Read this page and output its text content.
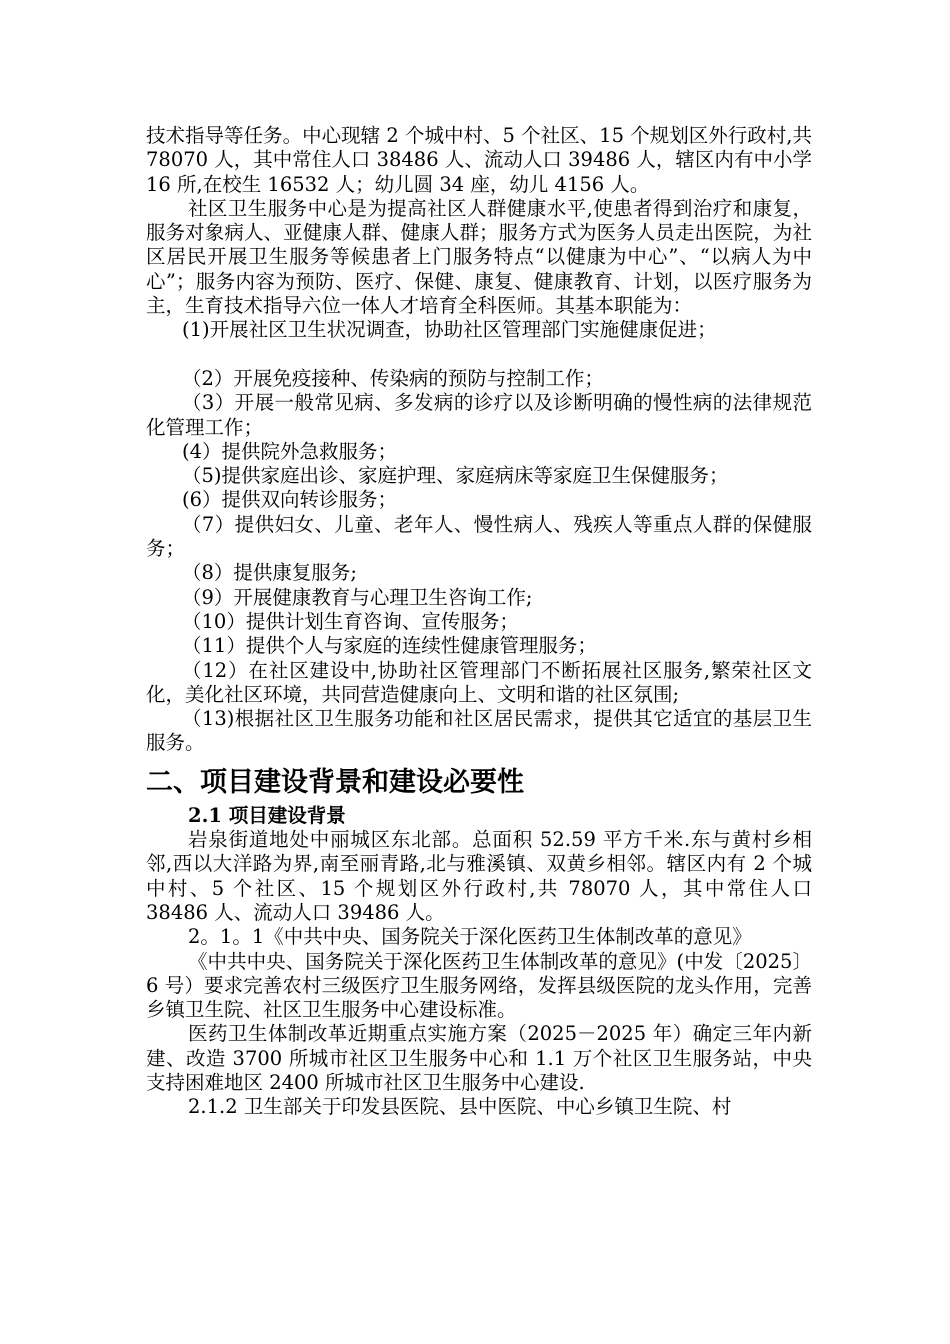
技术指导等任务。中心现辖 2 个城中村、5 个社区、15 个规划区外行政村,共 78070 人，其中常住人口 38486 人、流动人口 39486 人，辖区内有中小学 16 所,在校生 16532 人；幼儿圆 34 座，幼儿 4156 人。

社区卫生服务中心是为提高社区人群健康水平,使患者得到治疗和康复，服务对象病人、亚健康人群、健康人群；服务方式为医务人员走出医院，为社区居民开展卫生服务等候患者上门服务特点“以健康为中心”、“以病人为中心”；服务内容为预防、医疗、保健、康复、健康教育、计划，以医疗服务为主，生育技术指导六位一体人才培育全科医师。其基本职能为：

(1)开展社区卫生状况调查，协助社区管理部门实施健康促进；

（2）开展免疫接种、传染病的预防与控制工作；

（3）开展一般常见病、多发病的诊疗以及诊断明确的慢性病的法律规范化管理工作；

(4）提供院外急救服务；

（5)提供家庭出诊、家庭护理、家庭病床等家庭卫生保健服务；

(6）提供双向转诊服务；

（7）提供妇女、儿童、老年人、慢性病人、残疾人等重点人群的保健服务；

（8）提供康复服务;

（9）开展健康教育与心理卫生咨询工作;

（10）提供计划生育咨询、宣传服务；

（11）提供个人与家庭的连续性健康管理服务；

（12）在社区建设中,协助社区管理部门不断拓展社区服务,繁荣社区文化，美化社区环境，共同营造健康向上、文明和谐的社区氛围;

（13)根据社区卫生服务功能和社区居民需求，提供其它适宜的基层卫生服务。

二、项目建设背景和建设必要性

2.1 项目建设背景

岩泉街道地处中丽城区东北部。总面积 52.59 平方千米.东与黄村乡相邻,西以大洋路为界,南至丽青路,北与雅溪镇、双黄乡相邻。辖区内有 2 个城中村、5 个社区、15 个规划区外行政村,共 78070 人，其中常住人口 38486 人、流动人口 39486 人。

2。1。1《中共中央、国务院关于深化医药卫生体制改革的意见》

《中共中央、国务院关于深化医药卫生体制改革的意见》(中发〔2025〕6 号）要求完善农村三级医疗卫生服务网络，发挥县级医院的龙头作用，完善乡镇卫生院、社区卫生服务中心建设标准。

医药卫生体制改革近期重点实施方案（2025－2025 年）确定三年内新建、改造 3700 所城市社区卫生服务中心和 1.1 万个社区卫生服务站，中央支持困难地区 2400 所城市社区卫生服务中心建设.

2.1.2 卫生部关于印发县医院、县中医院、中心乡镇卫生院、村
